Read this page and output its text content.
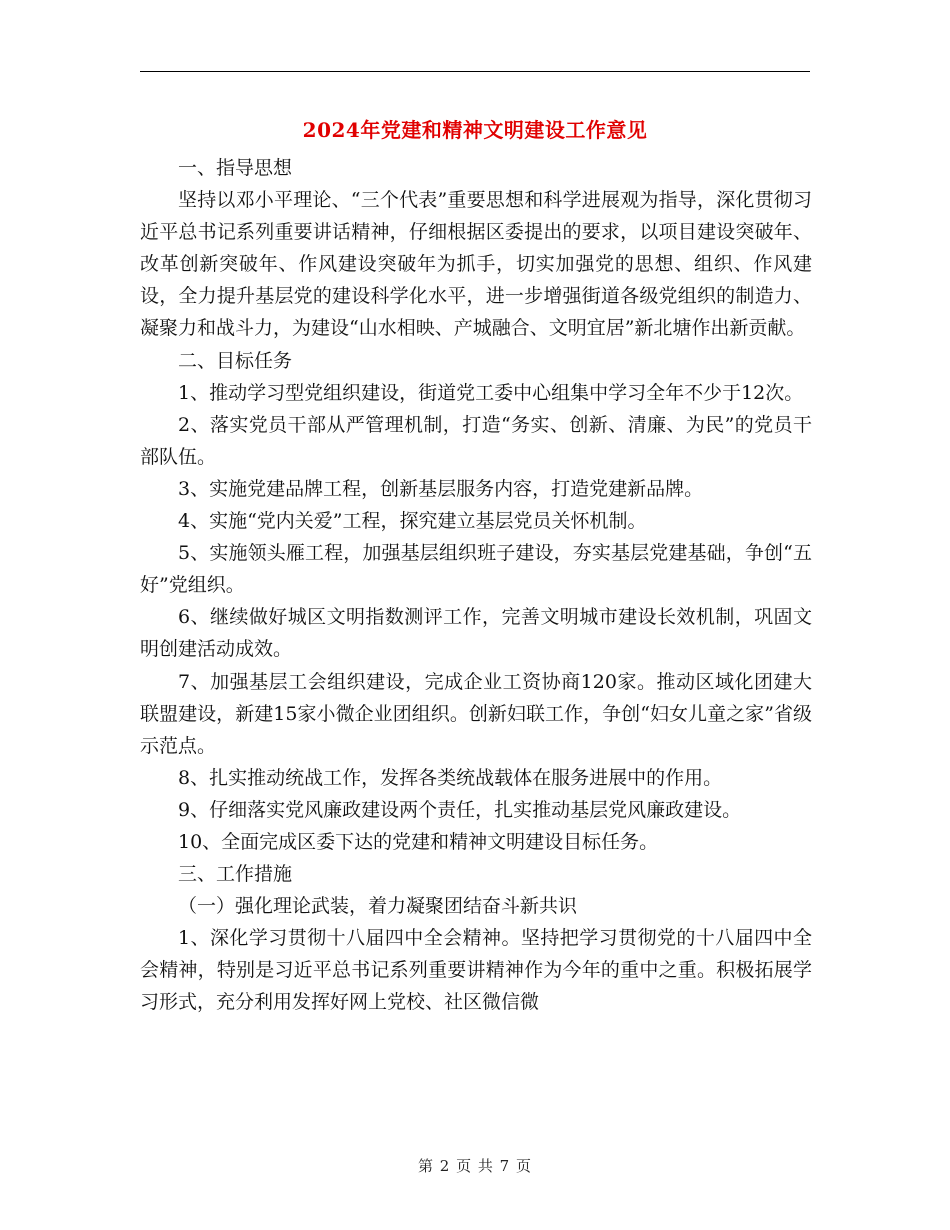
2024年党建和精神文明建设工作意见

一、指导思想

坚持以邓小平理论、“三个代表”重要思想和科学进展观为指导，深化贯彻习近平总书记系列重要讲话精神，仔细根据区委提出的要求，以项目建设突破年、改革创新突破年、作风建设突破年为抓手，切实加强党的思想、组织、作风建设，全力提升基层党的建设科学化水平，进一步增强街道各级党组织的制造力、凝聚力和战斗力，为建设“山水相映、产城融合、文明宜居”新北塘作出新贡献。

二、目标任务

1、推动学习型党组织建设，街道党工委中心组集中学习全年不少于12次。

2、落实党员干部从严管理机制，打造“务实、创新、清廉、为民”的党员干部队伍。

3、实施党建品牌工程，创新基层服务内容，打造党建新品牌。

4、实施“党内关爱”工程，探究建立基层党员关怀机制。

5、实施领头雁工程，加强基层组织班子建设，夯实基层党建基础，争创“五好”党组织。

6、继续做好城区文明指数测评工作，完善文明城市建设长效机制，巩固文明创建活动成效。

7、加强基层工会组织建设，完成企业工资协商120家。推动区域化团建大联盟建设，新建15家小微企业团组织。创新妇联工作，争创“妇女儿童之家”省级示范点。

8、扎实推动统战工作，发挥各类统战载体在服务进展中的作用。

9、仔细落实党风廉政建设两个责任，扎实推动基层党风廉政建设。

10、全面完成区委下达的党建和精神文明建设目标任务。

三、工作措施

（一）强化理论武装，着力凝聚团结奋斗新共识

1、深化学习贯彻十八届四中全会精神。坚持把学习贯彻党的十八届四中全会精神，特别是习近平总书记系列重要讲精神作为今年的重中之重。积极拓展学习形式，充分利用发挥好网上党校、社区微信微

第 2 页 共 7 页
